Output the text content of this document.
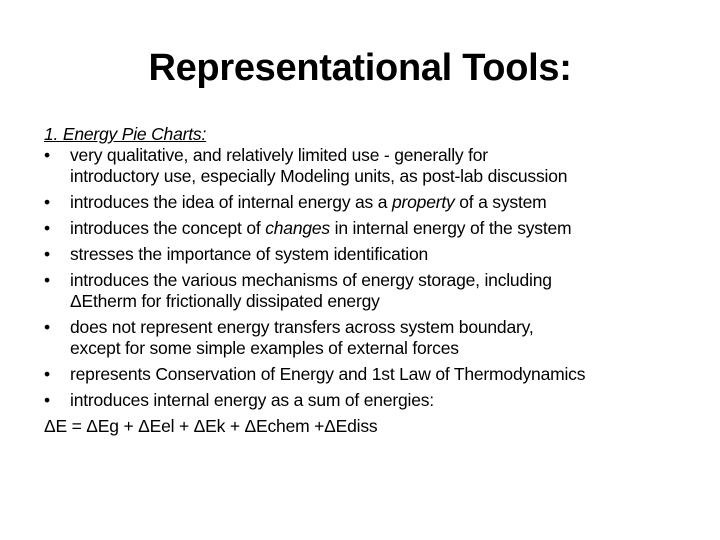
Representational Tools:
1. Energy Pie Charts:
•	very qualitative, and relatively limited use - generally for
introductory use, especially Modeling units, as post-lab discussion
•	introduces the idea of internal energy as a property of a system
•	introduces the concept of changes in internal energy of the system
•	stresses the importance of system identification
•	introduces the various mechanisms of energy storage, including
ΔEtherm for frictionally dissipated energy
•	does not represent energy transfers across system boundary,
except for some simple examples of external forces
•	represents Conservation of Energy and 1st Law of Thermodynamics
•	introduces internal energy as a sum of energies:
ΔE = ΔEg + ΔEel + ΔEk + ΔEchem +ΔEdiss
